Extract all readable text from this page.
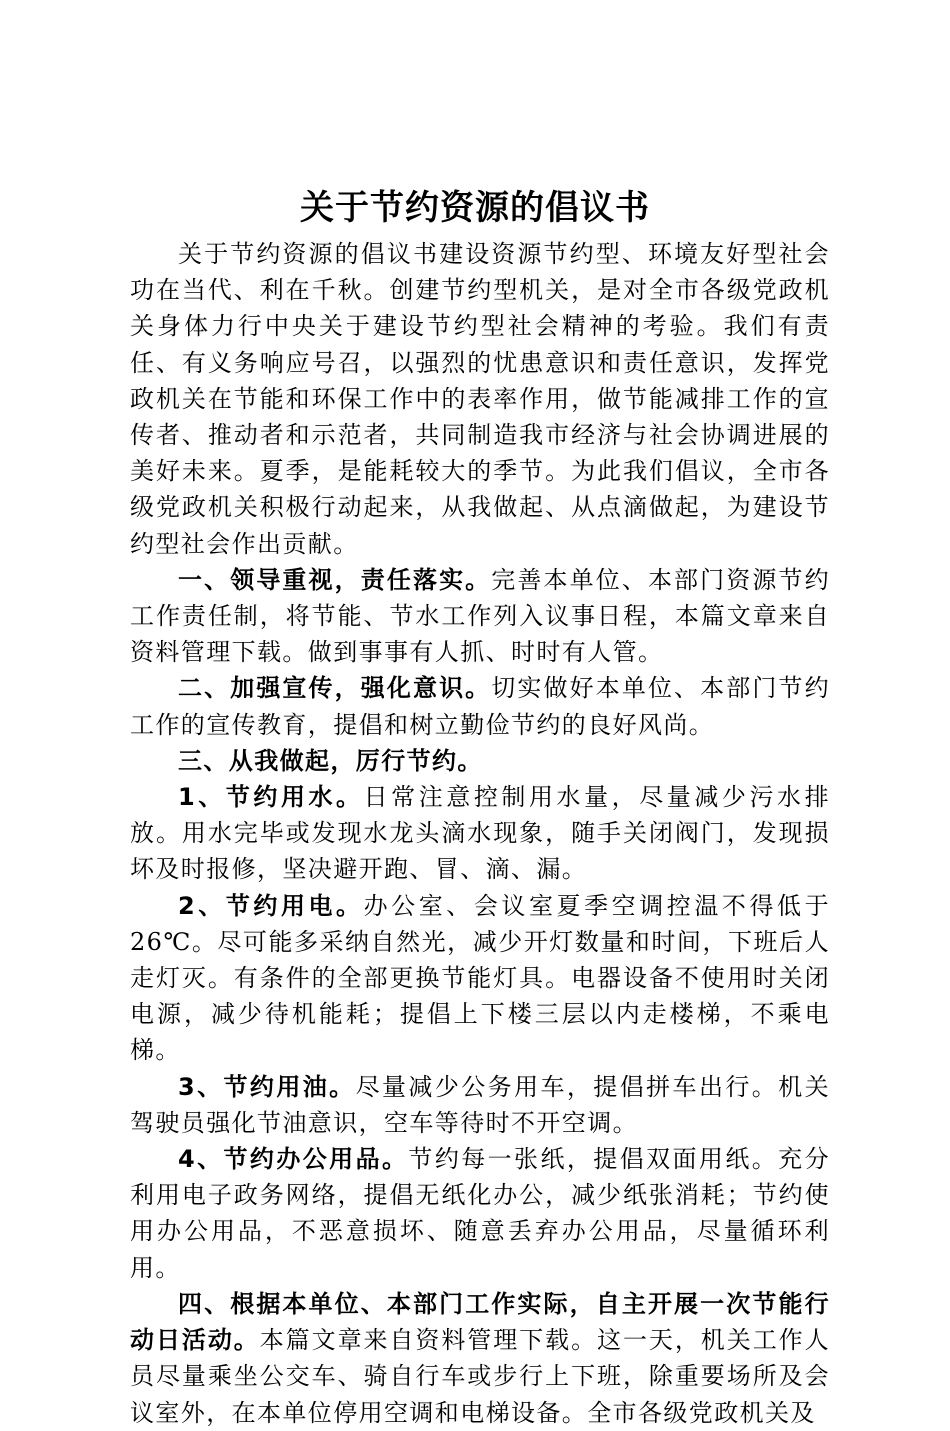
关于节约资源的倡议书

关于节约资源的倡议书建设资源节约型、环境友好型社会功在当代、利在千秋。创建节约型机关，是对全市各级党政机关身体力行中央关于建设节约型社会精神的考验。我们有责任、有义务响应号召，以强烈的忧患意识和责任意识，发挥党政机关在节能和环保工作中的表率作用，做节能减排工作的宣传者、推动者和示范者，共同制造我市经济与社会协调进展的美好未来。夏季，是能耗较大的季节。为此我们倡议，全市各级党政机关积极行动起来，从我做起、从点滴做起，为建设节约型社会作出贡献。

一、领导重视，责任落实。完善本单位、本部门资源节约工作责任制，将节能、节水工作列入议事日程，本篇文章来自资料管理下载。做到事事有人抓、时时有人管。

二、加强宣传，强化意识。切实做好本单位、本部门节约工作的宣传教育，提倡和树立勤俭节约的良好风尚。

三、从我做起，厉行节约。

1、节约用水。日常注意控制用水量，尽量减少污水排放。用水完毕或发现水龙头滴水现象，随手关闭阀门，发现损坏及时报修，坚决避开跑、冒、滴、漏。

2、节约用电。办公室、会议室夏季空调控温不得低于26℃。尽可能多采纳自然光，减少开灯数量和时间，下班后人走灯灭。有条件的全部更换节能灯具。电器设备不使用时关闭电源，减少待机能耗；提倡上下楼三层以内走楼梯，不乘电梯。

3、节约用油。尽量减少公务用车，提倡拼车出行。机关驾驶员强化节油意识，空车等待时不开空调。

4、节约办公用品。节约每一张纸，提倡双面用纸。充分利用电子政务网络，提倡无纸化办公，减少纸张消耗；节约使用办公用品，不恶意损坏、随意丢弃办公用品，尽量循环利用。

四、根据本单位、本部门工作实际，自主开展一次节能行动日活动。本篇文章来自资料管理下载。这一天，机关工作人员尽量乘坐公交车、骑自行车或步行上下班，除重要场所及会议室外，在本单位停用空调和电梯设备。全市各级党政机关及
